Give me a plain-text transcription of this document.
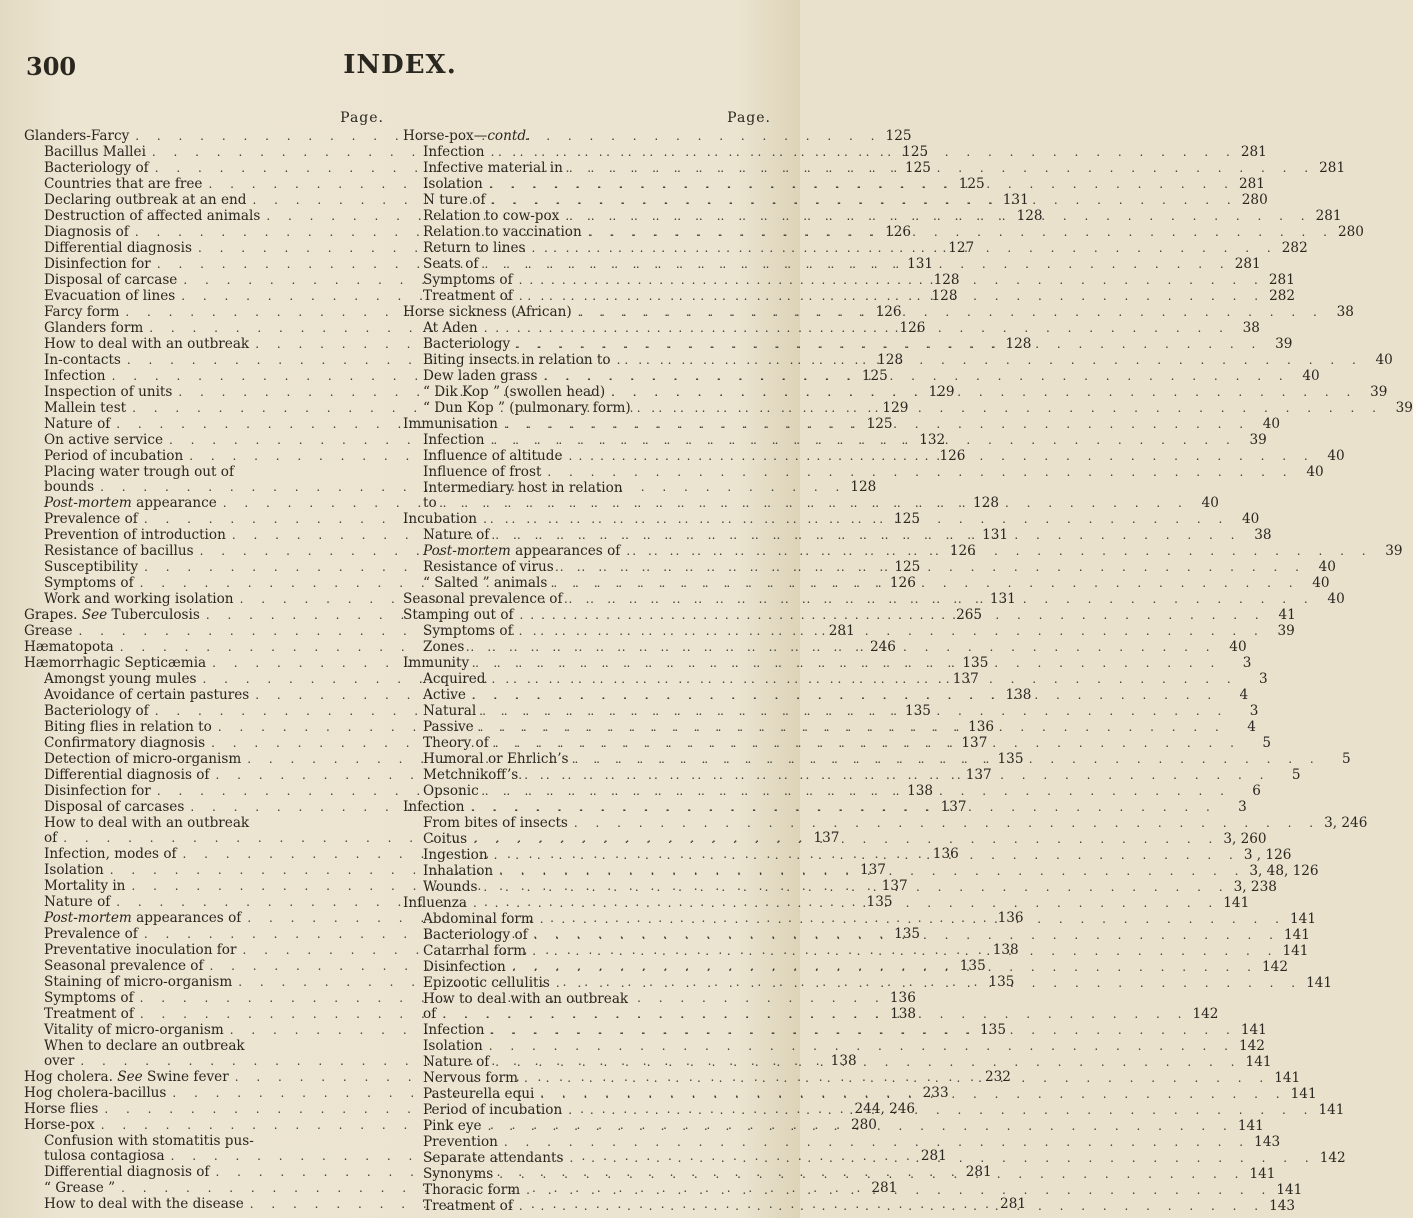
300	INDEX.
Page.
Glanders-Farcy . . .	125
Bacillus Mallei . . .	125
Bacteriology of . . .	125
Countries that are free . . .	125
Declaring outbreak at an end . . .	131
Destruction of affected animals . . .	128
Diagnosis of . . .	126
Differential diagnosis . . .	127
Disinfection for . . .	131
Disposal of carcase . . .	128
Evacuation of lines . . .	128
Farcy form . . .	126
Glanders form . . .	126
How to deal with an outbreak . . .	128
In-contacts . . .	128
Infection . . .	125
Inspection of units . . .	129
Mallein test . . .	129
Nature of . . .	125
On active service . . .	132
Period of incubation . . .	126
Placing water trough out of
bounds . . .	128
Post-mortem appearance . . .	128
Prevalence of . . .	125
Prevention of introduction . . .	131
Resistance of bacillus . . .	126
Susceptibility . . .	125
Symptoms of . . .	126
Work and working isolation . . .	131
Grapes. See Tuberculosis . . .	265
Grease . . .	281
Hæmatopota . . .	246
Hæmorrhagic Septicæmia . . .	135
Amongst young mules . . .	137
Avoidance of certain pastures . . .	138
Bacteriology of . . .	135
Biting flies in relation to . . .	136
Confirmatory diagnosis . . .	137
Detection of micro-organism . . .	135
Differential diagnosis of . . .	137
Disinfection for . . .	138
Disposal of carcases . . .	137
How to deal with an outbreak
of . . .	137
Infection, modes of . . .	136
Isolation . . .	137
Mortality in . . .	137
Nature of . . .	135
Post-mortem appearances of . . .	136
Prevalence of . . .	135
Preventative inoculation for . . .	138
Seasonal prevalence of . . .	135
Staining of micro-organism . . .	135
Symptoms of . . .	136
Treatment of . . .	138
Vitality of micro-organism . . .	135
When to declare an outbreak
over . . .	138
Hog cholera. See Swine fever . . .	232
Hog cholera-bacillus . . .	233
Horse flies . . .	244, 246
Horse-pox . . .	280
Confusion with stomatitis pus-
tulosa contagiosa . . .	281
Differential diagnosis of . . .	281
“ Grease ” . . .	281
How to deal with the disease . . .	281
Page.
Horse-pox—contd.
Infection . . .	281
Infective material in . . .	281
Isolation . . .	281
N ture of . . .	280
Relation to cow-pox . . .	281
Relation to vaccination . . .	280
Return to lines . . .	282
Seats of . . .	281
Symptoms of . . .	281
Treatment of . . .	282
Horse sickness (African) . . .	38
At Aden . . .	38
Bacteriology . . .	39
Biting insects in relation to . . .	40
Dew laden grass . . .	40
“ Dik Kop ” (swollen head) . . .	39
“ Dun Kop ” (pulmonary form) . . .	39
Immunisation . . .	40
Infection . . .	39
Influence of altitude . . .	40
Influence of frost . . .	40
Intermediary host in relation
to . . .	40
Incubation . . .	40
Nature of . . .	38
Post-mortem appearances of . . .	39
Resistance of virus . . .	40
“ Salted ” animals . . .	40
Seasonal prevalence of . . .	40
Stamping out of . . .	41
Symptoms of . . .	39
Zones . . .	40
Immunity . . .	3
Acquired . . .	3
Active . . .	4
Natural . . .	3
Passive . . .	4
Theory of . . .	5
Humoral or Ehrlich’s . . .	5
Metchnikoff’s . . .	5
Opsonic . . .	6
Infection . . .	3
From bites of insects . . .	3, 246
Coitus . . .	3, 260
Ingestion . . .	3 , 126
Inhalation . . .	3, 48, 126
Wounds . . .	3, 238
Influenza . . .	141
Abdominal form . . .	141
Bacteriology of . . .	141
Catarrhal form . . .	141
Disinfection . . .	142
Epizootic cellulitis . . .	141
How to deal with an outbreak
of . . .	142
Infection . . .	141
Isolation . . .	142
Nature of . . .	141
Nervous form . . .	141
Pasteurella equi . . .	141
Period of incubation . . .	141
Pink eye . . .	141
Prevention . . .	143
Separate attendants . . .	142
Synonyms . . .	141
Thoracic form . . .	141
Treatment of . . .	143
